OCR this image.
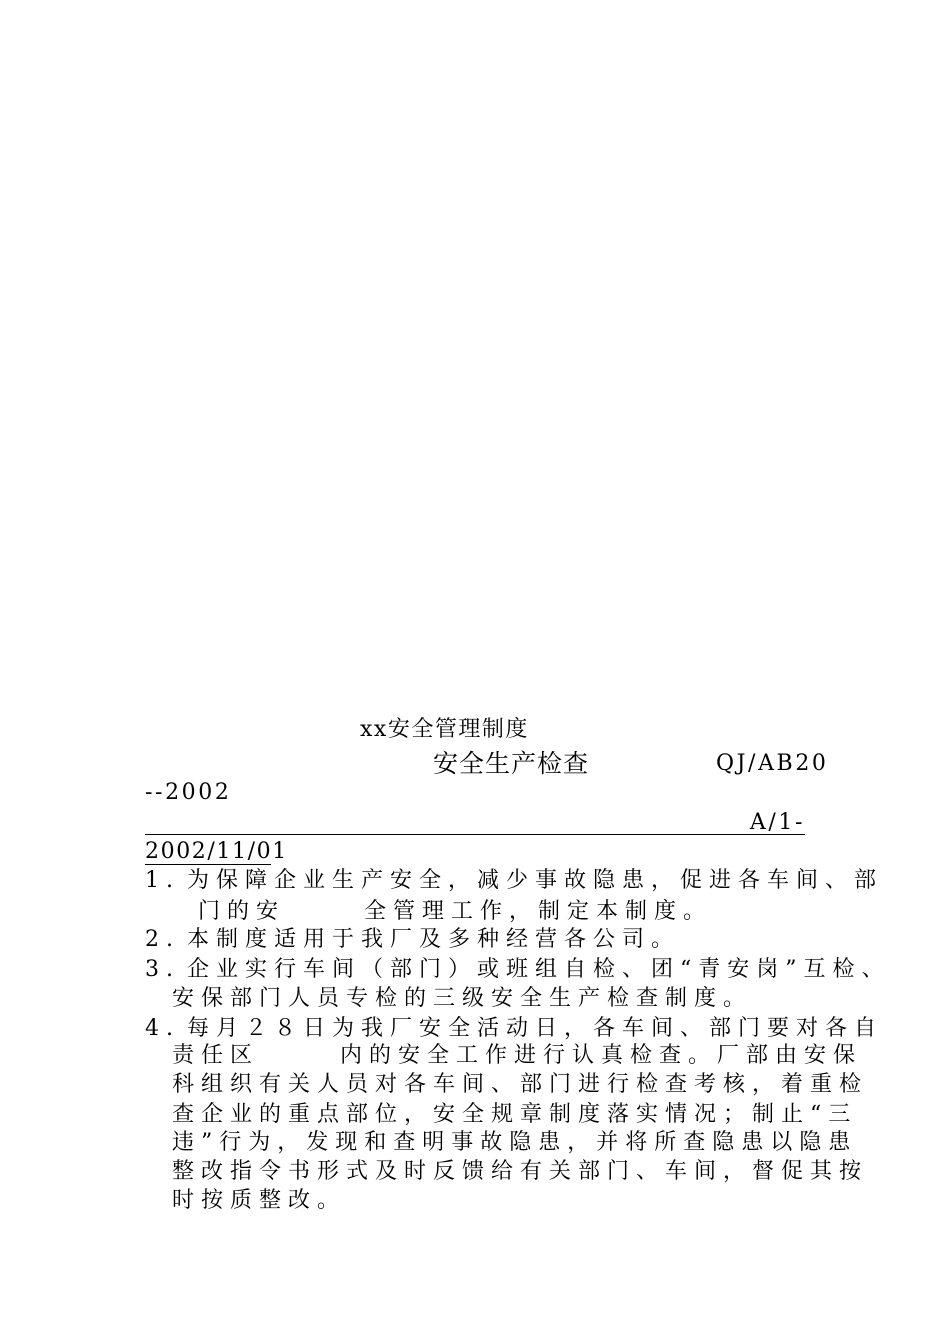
xx安全管理制度
安全生产检查	QJ/AB20
--2002
A/1-
2002/11/01
1. 为保障企业生产安全，减少事故隐患，促进各车间、部
门的安	全管理工作，制定本制度。
2. 本制度适用于我厂及多种经营各公司。
3. 企业实行车间（部门）或班组自检、团“青安岗”互检、
安保部门人员专检的三级安全生产检查制度。
4. 每月２８日为我厂安全活动日，各车间、部门要对各自
责任区	内的安全工作进行认真检查。厂部由安保
科组织有关人员对各车间、部门进行检查考核，着重检
查企业的重点部位，安全规章制度落实情况；制止“三
违”行为，发现和查明事故隐患，并将所查隐患以隐患
整改指令书形式及时反馈给有关部门、车间，督促其按
时按质整改。
